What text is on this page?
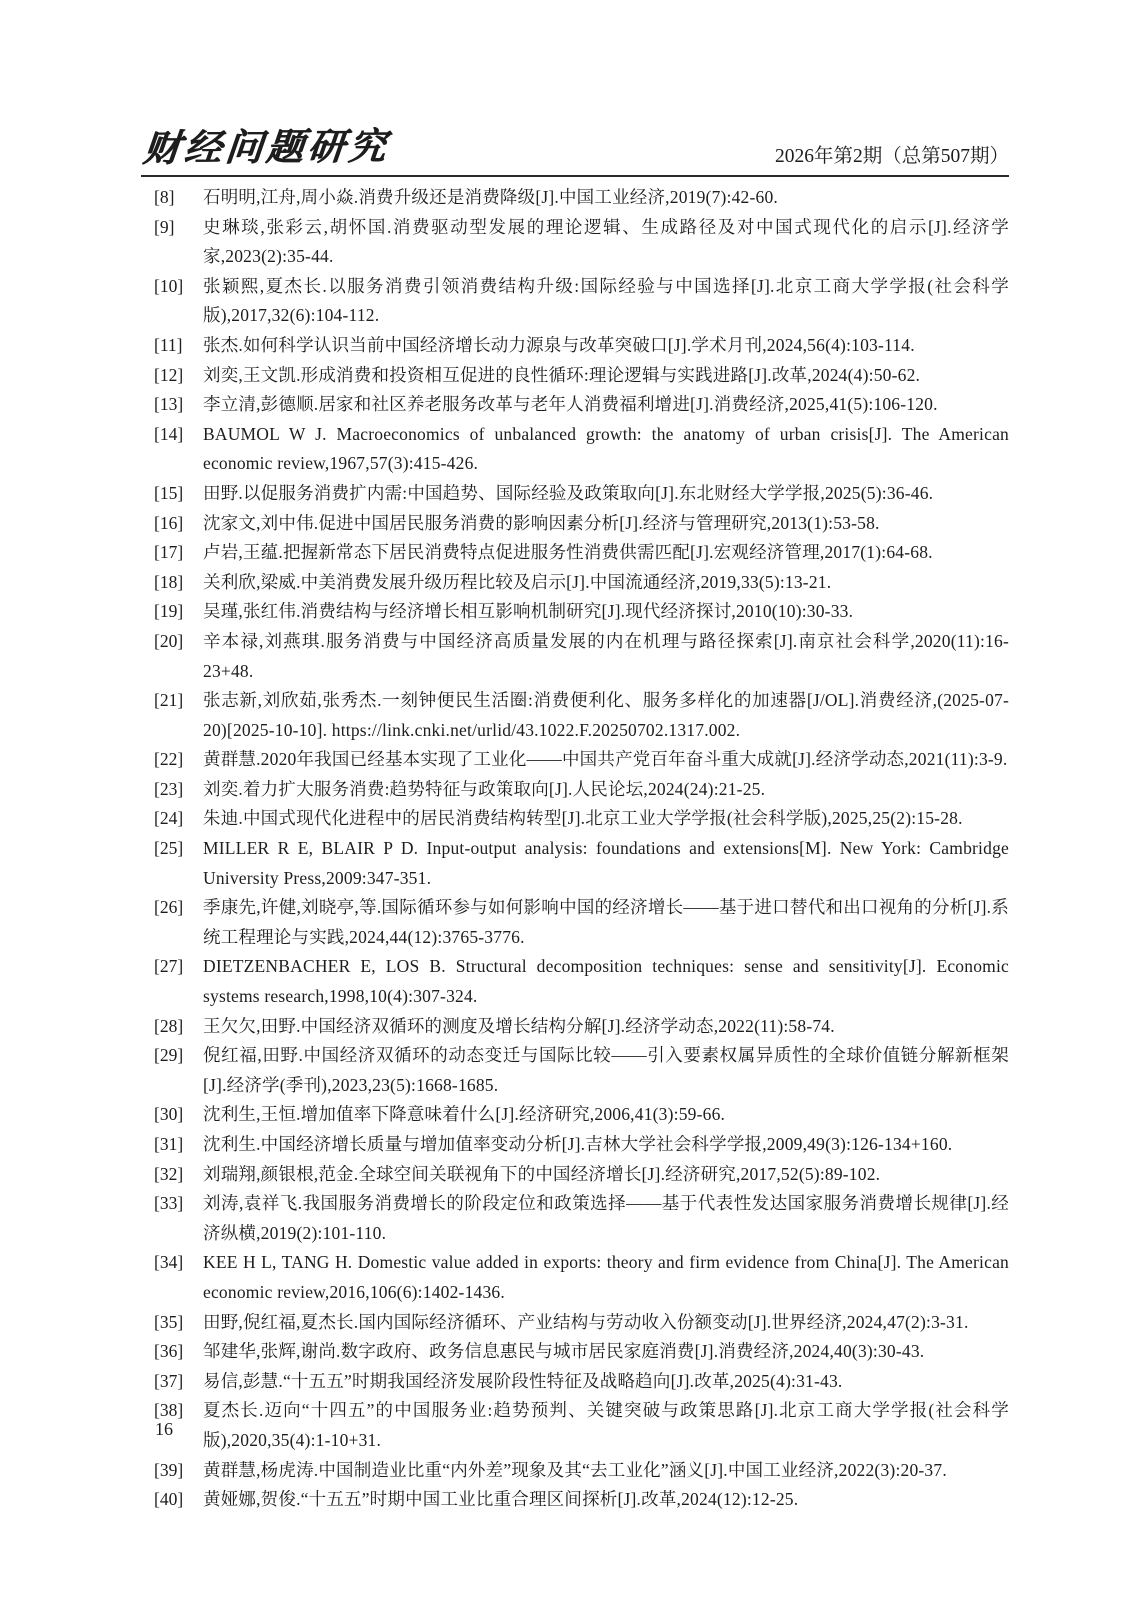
财经问题研究	2026年第2期（总第507期）
[8] 石明明,江舟,周小焱.消费升级还是消费降级[J].中国工业经济,2019(7):42-60.
[9] 史琳琰,张彩云,胡怀国.消费驱动型发展的理论逻辑、生成路径及对中国式现代化的启示[J].经济学家,2023(2):35-44.
[10] 张颖熙,夏杰长.以服务消费引领消费结构升级:国际经验与中国选择[J].北京工商大学学报(社会科学版),2017,32(6):104-112.
[11] 张杰.如何科学认识当前中国经济增长动力源泉与改革突破口[J].学术月刊,2024,56(4):103-114.
[12] 刘奕,王文凯.形成消费和投资相互促进的良性循环:理论逻辑与实践进路[J].改革,2024(4):50-62.
[13] 李立清,彭德顺.居家和社区养老服务改革与老年人消费福利增进[J].消费经济,2025,41(5):106-120.
[14] BAUMOL W J. Macroeconomics of unbalanced growth: the anatomy of urban crisis[J]. The American economic review,1967,57(3):415-426.
[15] 田野.以促服务消费扩内需:中国趋势、国际经验及政策取向[J].东北财经大学学报,2025(5):36-46.
[16] 沈家文,刘中伟.促进中国居民服务消费的影响因素分析[J].经济与管理研究,2013(1):53-58.
[17] 卢岩,王蕴.把握新常态下居民消费特点促进服务性消费供需匹配[J].宏观经济管理,2017(1):64-68.
[18] 关利欣,梁威.中美消费发展升级历程比较及启示[J].中国流通经济,2019,33(5):13-21.
[19] 吴瑾,张红伟.消费结构与经济增长相互影响机制研究[J].现代经济探讨,2010(10):30-33.
[20] 辛本禄,刘燕琪.服务消费与中国经济高质量发展的内在机理与路径探索[J].南京社会科学,2020(11):16-23+48.
[21] 张志新,刘欣茹,张秀杰.一刻钟便民生活圈:消费便利化、服务多样化的加速器[J/OL].消费经济,(2025-07-20)[2025-10-10]. https://link.cnki.net/urlid/43.1022.F.20250702.1317.002.
[22] 黄群慧.2020年我国已经基本实现了工业化——中国共产党百年奋斗重大成就[J].经济学动态,2021(11):3-9.
[23] 刘奕.着力扩大服务消费:趋势特征与政策取向[J].人民论坛,2024(24):21-25.
[24] 朱迪.中国式现代化进程中的居民消费结构转型[J].北京工业大学学报(社会科学版),2025,25(2):15-28.
[25] MILLER R E, BLAIR P D. Input-output analysis: foundations and extensions[M]. New York: Cambridge University Press,2009:347-351.
[26] 季康先,许健,刘晓亭,等.国际循环参与如何影响中国的经济增长——基于进口替代和出口视角的分析[J].系统工程理论与实践,2024,44(12):3765-3776.
[27] DIETZENBACHER E, LOS B. Structural decomposition techniques: sense and sensitivity[J]. Economic systems research,1998,10(4):307-324.
[28] 王欠欠,田野.中国经济双循环的测度及增长结构分解[J].经济学动态,2022(11):58-74.
[29] 倪红福,田野.中国经济双循环的动态变迁与国际比较——引入要素权属异质性的全球价值链分解新框架[J].经济学(季刊),2023,23(5):1668-1685.
[30] 沈利生,王恒.增加值率下降意味着什么[J].经济研究,2006,41(3):59-66.
[31] 沈利生.中国经济增长质量与增加值率变动分析[J].吉林大学社会科学学报,2009,49(3):126-134+160.
[32] 刘瑞翔,颜银根,范金.全球空间关联视角下的中国经济增长[J].经济研究,2017,52(5):89-102.
[33] 刘涛,袁祥飞.我国服务消费增长的阶段定位和政策选择——基于代表性发达国家服务消费增长规律[J].经济纵横,2019(2):101-110.
[34] KEE H L, TANG H. Domestic value added in exports: theory and firm evidence from China[J]. The American economic review,2016,106(6):1402-1436.
[35] 田野,倪红福,夏杰长.国内国际经济循环、产业结构与劳动收入份额变动[J].世界经济,2024,47(2):3-31.
[36] 邹建华,张辉,谢尚.数字政府、政务信息惠民与城市居民家庭消费[J].消费经济,2024,40(3):30-43.
[37] 易信,彭慧.“十五五”时期我国经济发展阶段性特征及战略趋向[J].改革,2025(4):31-43.
[38] 夏杰长.迈向“十四五”的中国服务业:趋势预判、关键突破与政策思路[J].北京工商大学学报(社会科学版),2020,35(4):1-10+31.
[39] 黄群慧,杨虎涛.中国制造业比重“内外差”现象及其“去工业化”涵义[J].中国工业经济,2022(3):20-37.
[40] 黄娅娜,贺俊.“十五五”时期中国工业比重合理区间探析[J].改革,2024(12):12-25.
16
